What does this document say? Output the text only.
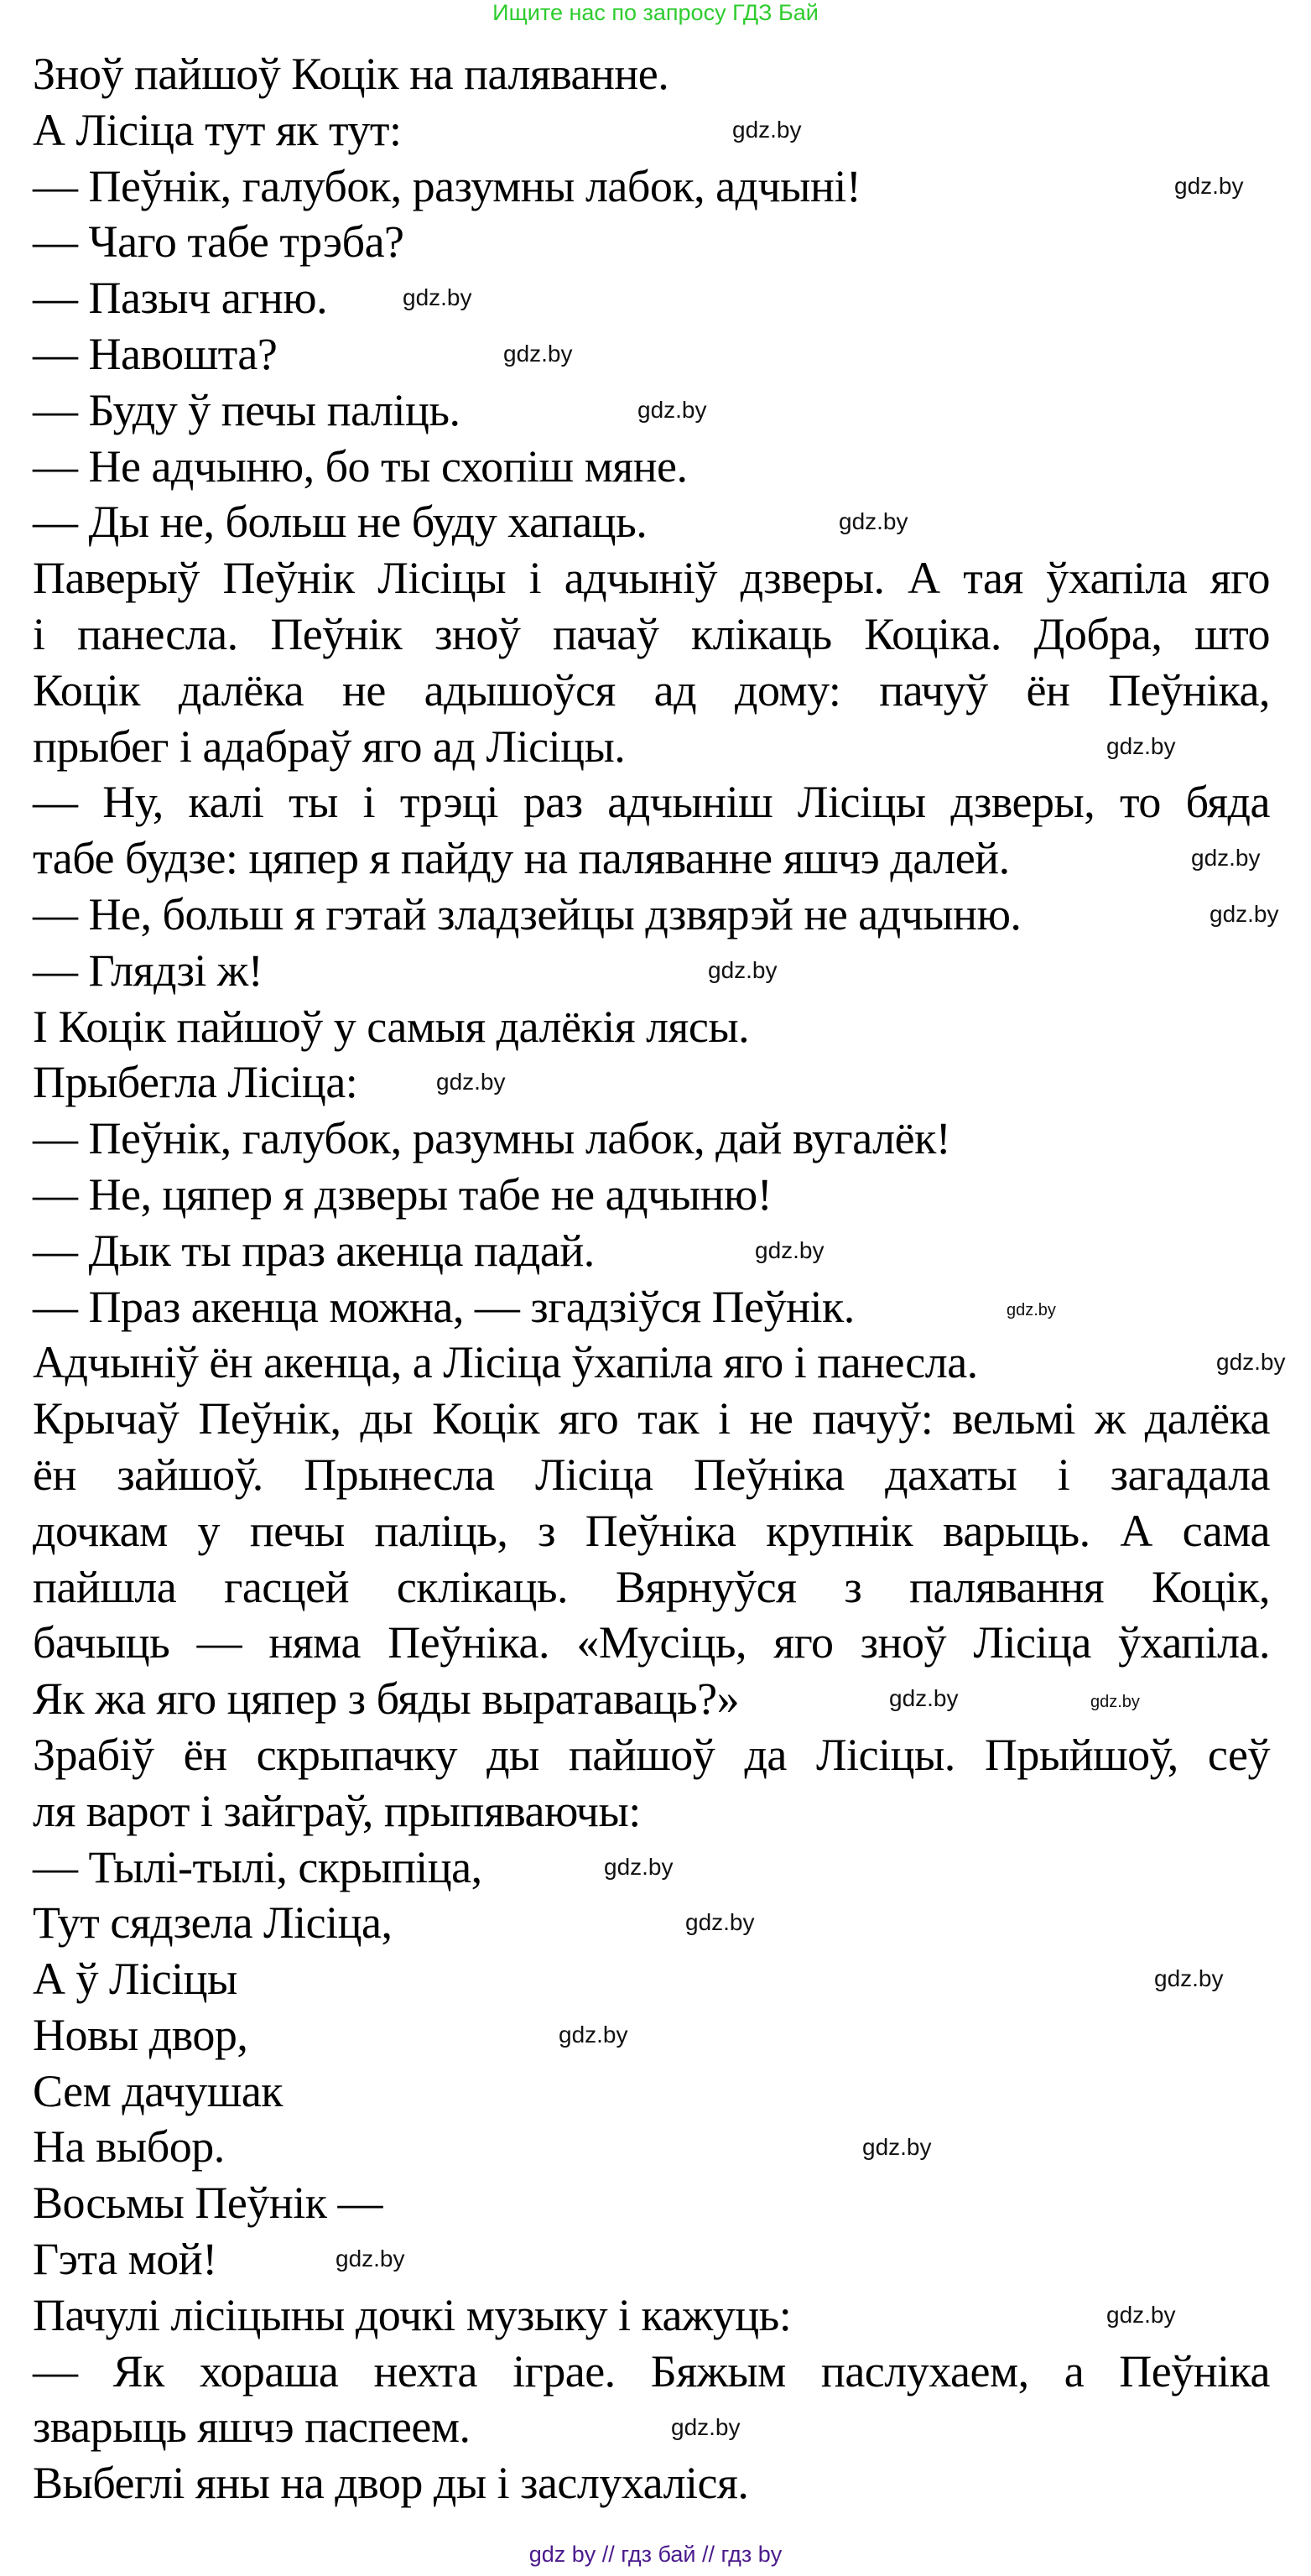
Ищите нас по запросу ГДЗ Бай
Зноў пайшоў Коцік на паляванне.
А Лісіца тут як тут:
— Пеўнік, галубок, разумны лабок, адчыні!
— Чаго табе трэба?
— Пазыч агню.
— Навошта?
— Буду ў печы паліць.
— Не адчыню, бо ты схопіш мяне.
— Ды не, больш не буду хапаць.
Паверыў Пеўнік Лісіцы і адчыніў дзверы. А тая ўхапіла яго
і панесла. Пеўнік зноў пачаў клікаць Коціка. Добра, што
Коцік далёка не адышоўся ад дому: пачуў ён Пеўніка,
прыбег і адабраў яго ад Лісіцы.
— Ну, калі ты і трэці раз адчыніш Лісіцы дзверы, то бяда
табе будзе: цяпер я пайду на паляванне яшчэ далей.
— Не, больш я гэтай зладзейцы дзвярэй не адчыню.
— Глядзі ж!
І Коцік пайшоў у самыя далёкія лясы.
Прыбегла Лісіца:
— Пеўнік, галубок, разумны лабок, дай вугалёк!
— Не, цяпер я дзверы табе не адчыню!
— Дык ты праз акенца падай.
— Праз акенца можна, — згадзіўся Пеўнік.
Адчыніў ён акенца, а Лісіца ўхапіла яго і панесла.
Крычаў Пеўнік, ды Коцік яго так і не пачуў: вельмі ж далёка
ён зайшоў. Прынесла Лісіца Пеўніка дахаты і загадала
дочкам у печы паліць, з Пеўніка крупнік варыць. А сама
пайшла гасцей склікаць. Вярнуўся з палявання Коцік,
бачыць — няма Пеўніка. «Мусіць, яго зноў Лісіца ўхапіла.
Як жа яго цяпер з бяды выратаваць?»
Зрабіў ён скрыпачку ды пайшоў да Лісіцы. Прыйшоў, сеў
ля варот і зайграў, прыпяваючы:
— Тылі-тылі, скрыпіца,
Тут сядзела Лісіца,
А ў Лісіцы
Новы двор,
Сем дачушак
На выбор.
Восьмы Пеўнік —
Гэта мой!
Пачулі лісіцыны дочкі музыку і кажуць:
— Як хораша нехта іграе. Бяжым паслухаем, а Пеўніка
зварыць яшчэ паспеем.
Выбеглі яны на двор ды і заслухаліся.
gdz.by
gdz.by
gdz.by
gdz.by
gdz.by
gdz.by
gdz.by
gdz.by
gdz.by
gdz.by
gdz.by
gdz.by
gdz.by
gdz.by
gdz.by
gdz.by
gdz.by
gdz.by
gdz.by
gdz.by
gdz.by
gdz.by
gdz.by
gdz.by
gdz by // гдз бай // гдз by
